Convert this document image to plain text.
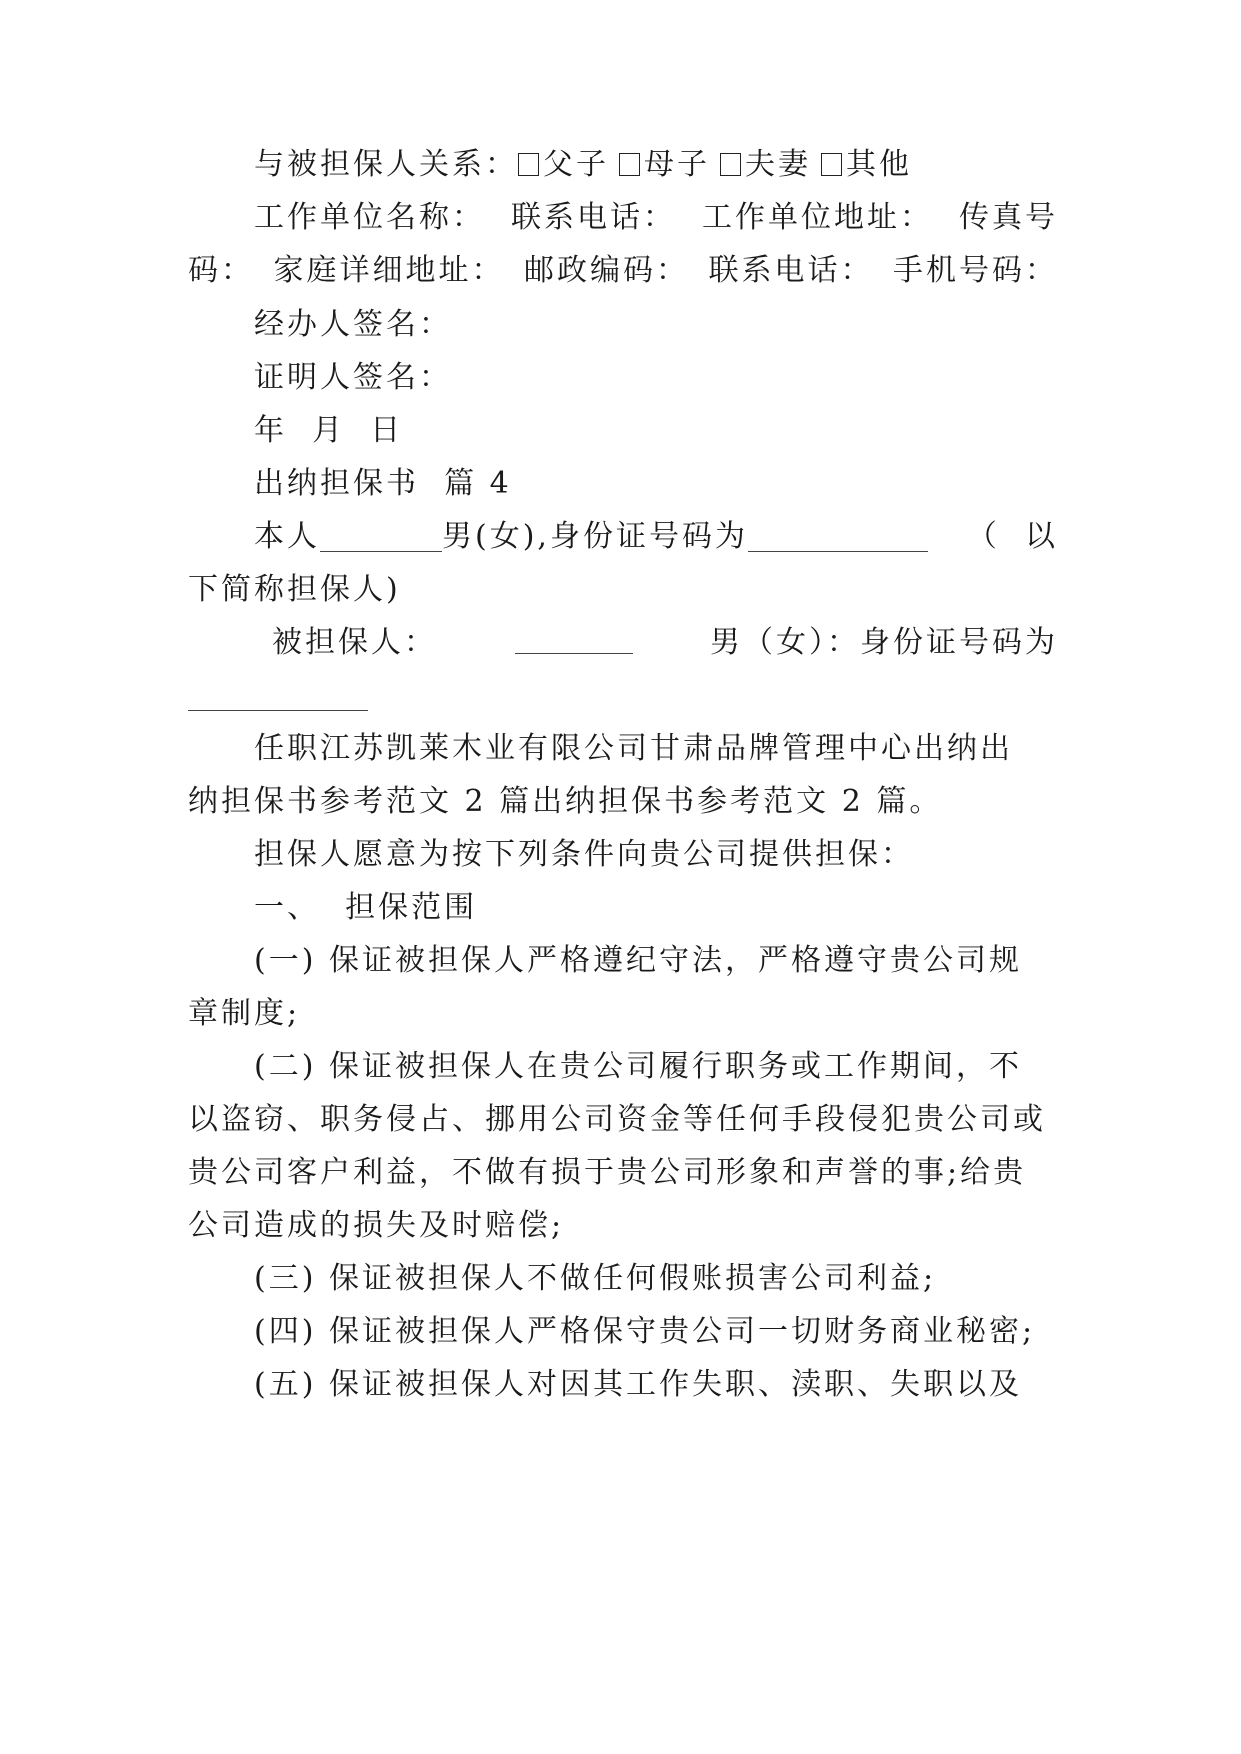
与被担保人关系： 父子 母子 夫妻 其他
工作单位名称： 联系电话： 工作单位地址： 传真号
码： 家庭详细地址： 邮政编码： 联系电话： 手机号码：
经办人签名：
证明人签名：
年  月  日
出纳担保书  篇 4
本人	男(女),身份证号码为	（  以
下简称担保人)
被担保人：	男（女）：身份证号码为
任职江苏凯莱木业有限公司甘肃品牌管理中心出纳出
纳担保书参考范文 2 篇出纳担保书参考范文 2 篇。
担保人愿意为按下列条件向贵公司提供担保：
一、  担保范围
(一) 保证被担保人严格遵纪守法，严格遵守贵公司规
章制度;
(二) 保证被担保人在贵公司履行职务或工作期间，不
以盗窃、职务侵占、挪用公司资金等任何手段侵犯贵公司或
贵公司客户利益，不做有损于贵公司形象和声誉的事;给贵
公司造成的损失及时赔偿;
(三) 保证被担保人不做任何假账损害公司利益;
(四) 保证被担保人严格保守贵公司一切财务商业秘密;
(五) 保证被担保人对因其工作失职、渎职、失职以及
